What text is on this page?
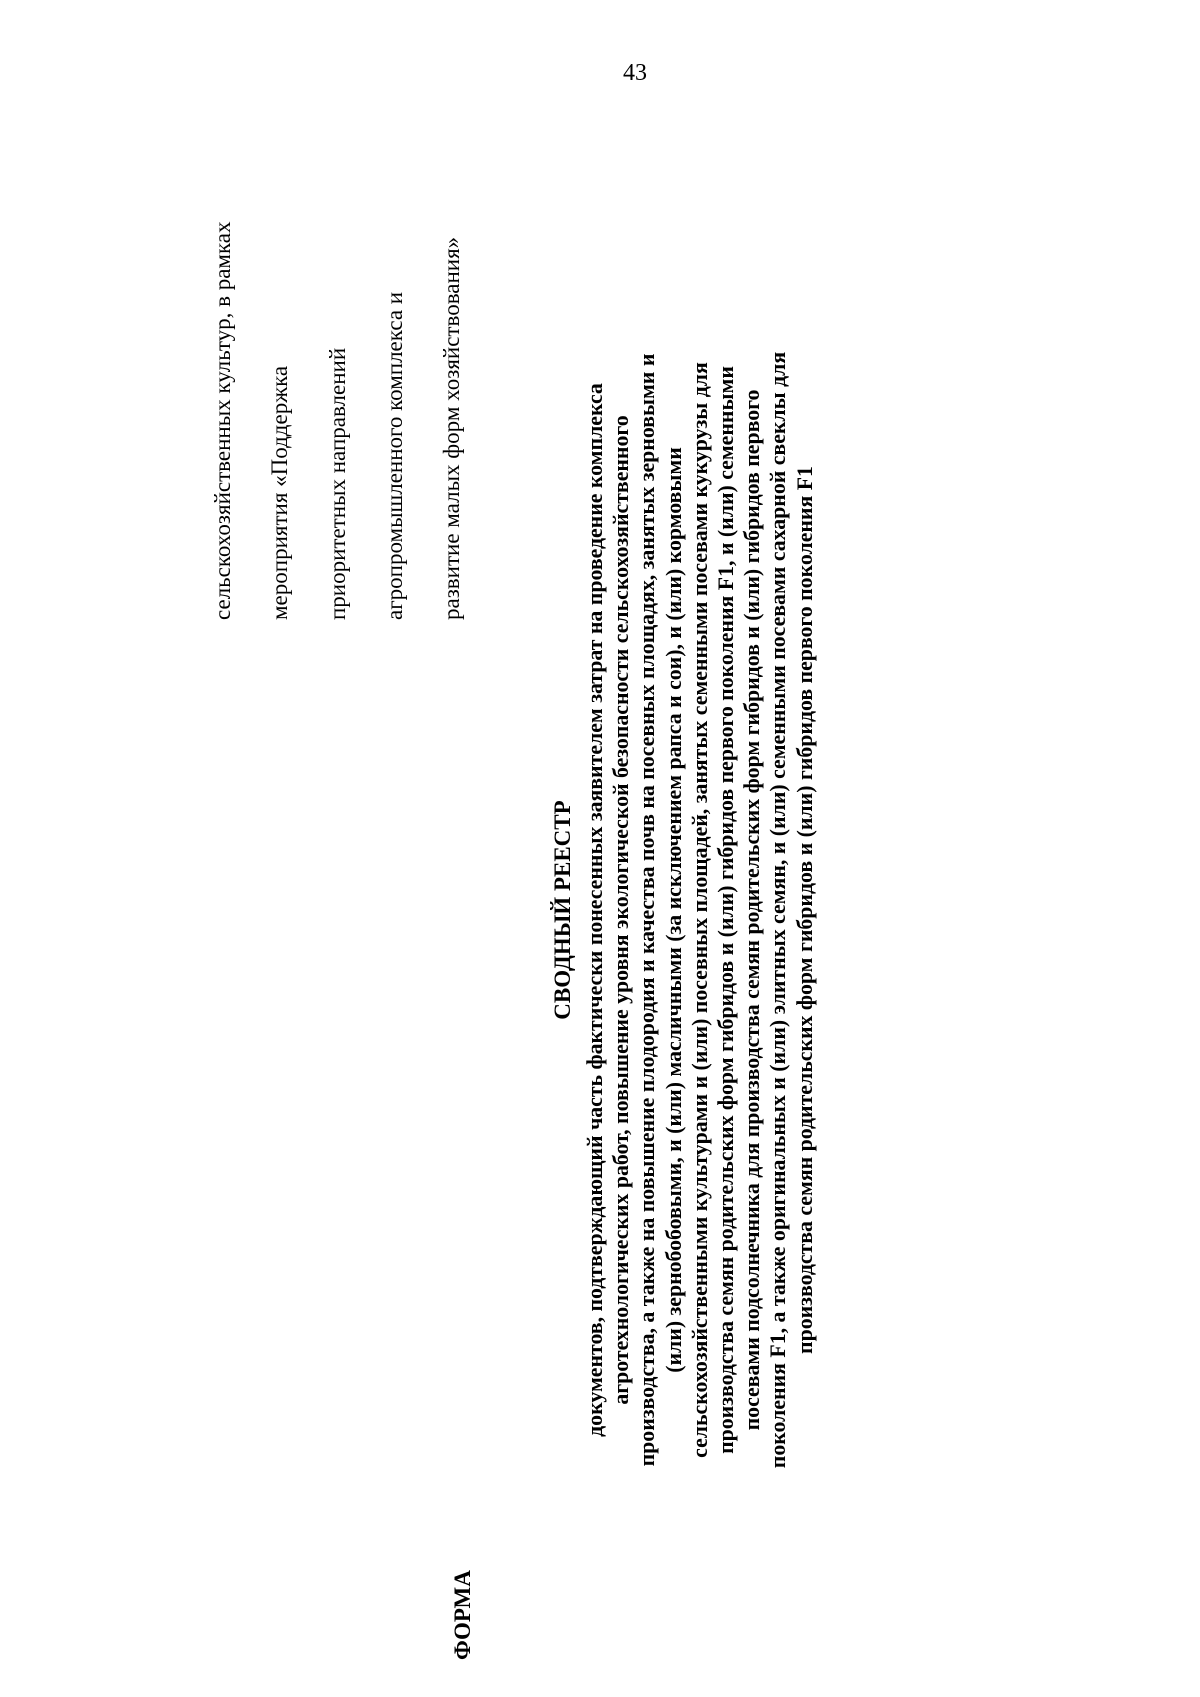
43

сельскохозяйственных культур, в рамках мероприятия «Поддержка приоритетных направлений агропромышленного комплекса и развитие малых форм хозяйствования»

ФОРМА
СВОДНЫЙ РЕЕСТР документов, подтверждающий часть фактически понесенных заявителем затрат на проведение комплекса агротехнологических работ, повышение уровня экологической безопасности сельскохозяйственного производства, а также на повышение плодородия и качества почв на посевных площадях, занятых зерновыми и (или) зернобобовыми, и (или) масличными (за исключением рапса и сои), и (или) кормовыми сельскохозяйственными культурами и (или) посевных площадей, занятых семенными посевами кукурузы для производства семян родительских форм гибридов и (или) гибридов первого поколения F1, и (или) семенными посевами подсолнечника для производства семян родительских форм гибридов и (или) гибридов первого поколения F1, а также оригинальных и (или) элитных семян, и (или) семенными посевами сахарной свеклы для производства семян родительских форм гибридов и (или) гибридов первого поколения F1
